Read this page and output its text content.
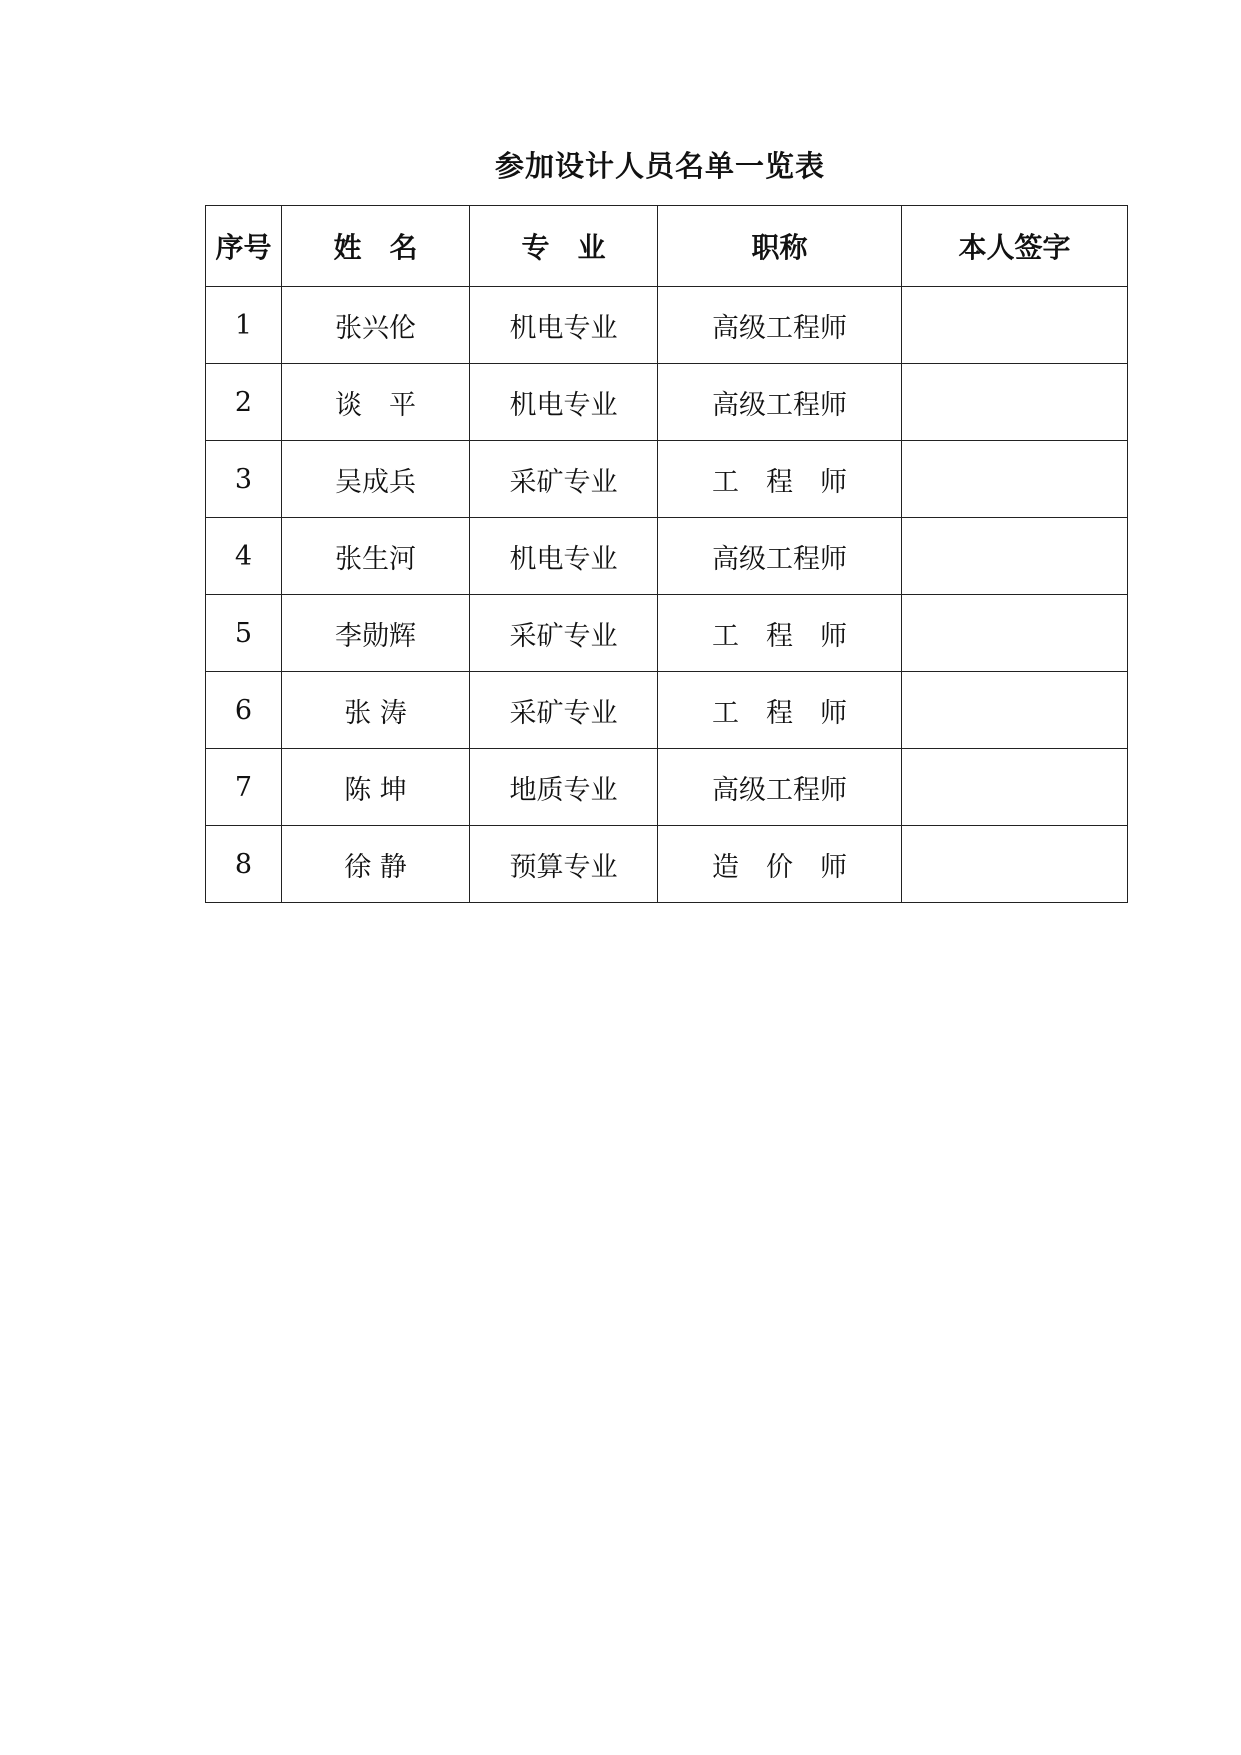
参加设计人员名单一览表
序号	姓　名	专　业	职称	本人签字
1	张兴伦	机电专业	高级工程师	
2	谈　平	机电专业	高级工程师	
3	吴成兵	采矿专业	工　程　师	
4	张生河	机电专业	高级工程师	
5	李勋辉	采矿专业	工　程　师	
6	张 涛	采矿专业	工　程　师	
7	陈 坤	地质专业	高级工程师	
8	徐 静	预算专业	造　价　师	
